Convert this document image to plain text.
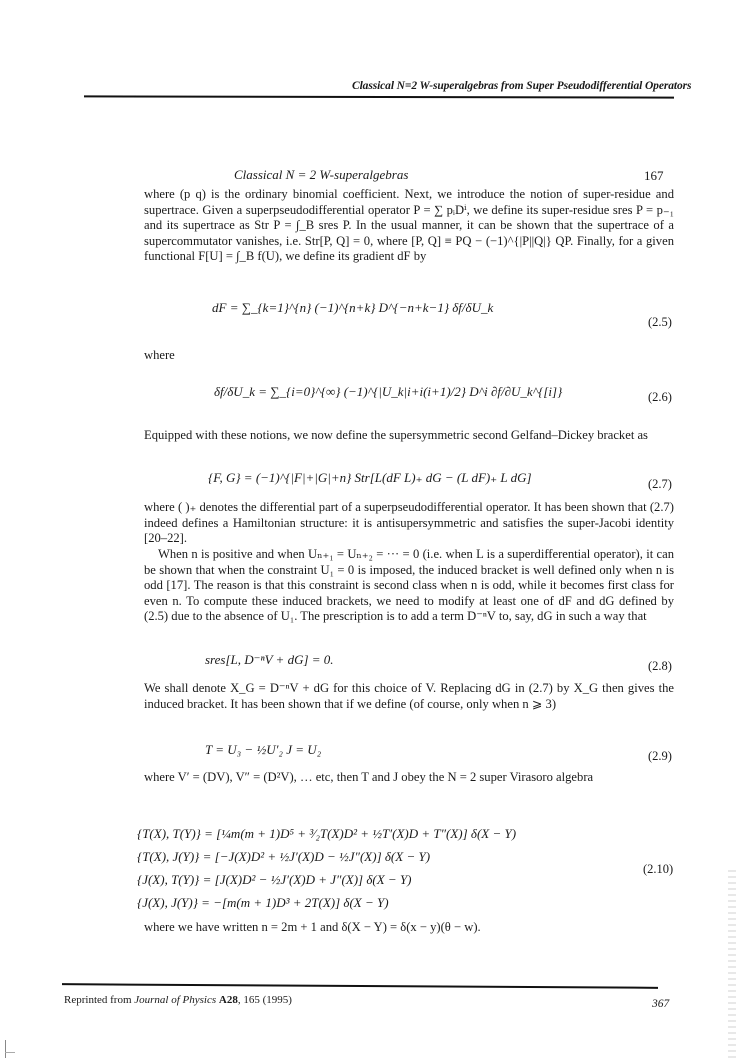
Classical N=2 W-superalgebras from Super Pseudodifferential Operators
Classical N = 2 W-superalgebras	167
where (p q) is the ordinary binomial coefficient. Next, we introduce the notion of super-residue and supertrace. Given a superpseudodifferential operator P = ∑ pᵢDⁱ, we define its super-residue sres P = p₋₁ and its supertrace as Str P = ∫_B sres P. In the usual manner, it can be shown that the supertrace of a supercommutator vanishes, i.e. Str[P, Q] = 0, where [P, Q] ≡ PQ − (−1)^{|P||Q|} QP. Finally, for a given functional F[U] = ∫_B f(U), we define its gradient dF by
dF = ∑_{k=1}^{n} (−1)^{n+k} D^{−n+k−1} δf/δU_k
(2.5)
where
δf/δU_k = ∑_{i=0}^{∞} (−1)^{|U_k|i+i(i+1)/2} D^i ∂f/∂U_k^{[i]}	(2.6)
Equipped with these notions, we now define the supersymmetric second Gelfand–Dickey bracket as
{F, G} = (−1)^{|F|+|G|+n} Str[L(dF L)₊ dG − (L dF)₊ L dG]	(2.7)
where ( )₊ denotes the differential part of a superpseudodifferential operator. It has been shown that (2.7) indeed defines a Hamiltonian structure: it is antisupersymmetric and satisfies the super-Jacobi identity [20–22].
When n is positive and when Uₙ₊₁ = Uₙ₊₂ = ··· = 0 (i.e. when L is a superdifferential operator), it can be shown that when the constraint U₁ = 0 is imposed, the induced bracket is well defined only when n is odd [17]. The reason is that this constraint is second class when n is odd, while it becomes first class for even n. To compute these induced brackets, we need to modify at least one of dF and dG defined by (2.5) due to the absence of U₁. The prescription is to add a term D⁻ⁿV to, say, dG in such a way that
sres[L, D⁻ⁿV + dG] = 0.	(2.8)
We shall denote X_G = D⁻ⁿV + dG for this choice of V. Replacing dG in (2.7) by X_G then gives the induced bracket. It has been shown that if we define (of course, only when n ⩾ 3)
T = U₃ − ½U′₂ J = U₂	(2.9)
where V′ = (DV), V″ = (D²V), … etc, then T and J obey the N = 2 super Virasoro algebra
{T(X), T(Y)} = [¼m(m + 1)D⁵ + ³⁄₂T(X)D² + ½T′(X)D + T″(X)] δ(X − Y)
{T(X), J(Y)} = [−J(X)D² + ½J′(X)D − ½J″(X)] δ(X − Y)
{J(X), T(Y)} = [J(X)D² − ½J′(X)D + J″(X)] δ(X − Y)
{J(X), J(Y)} = −[m(m + 1)D³ + 2T(X)] δ(X − Y)
(2.10)
where we have written n = 2m + 1 and δ(X − Y) = δ(x − y)(θ − w).
Reprinted from Journal of Physics A28, 165 (1995)	367
